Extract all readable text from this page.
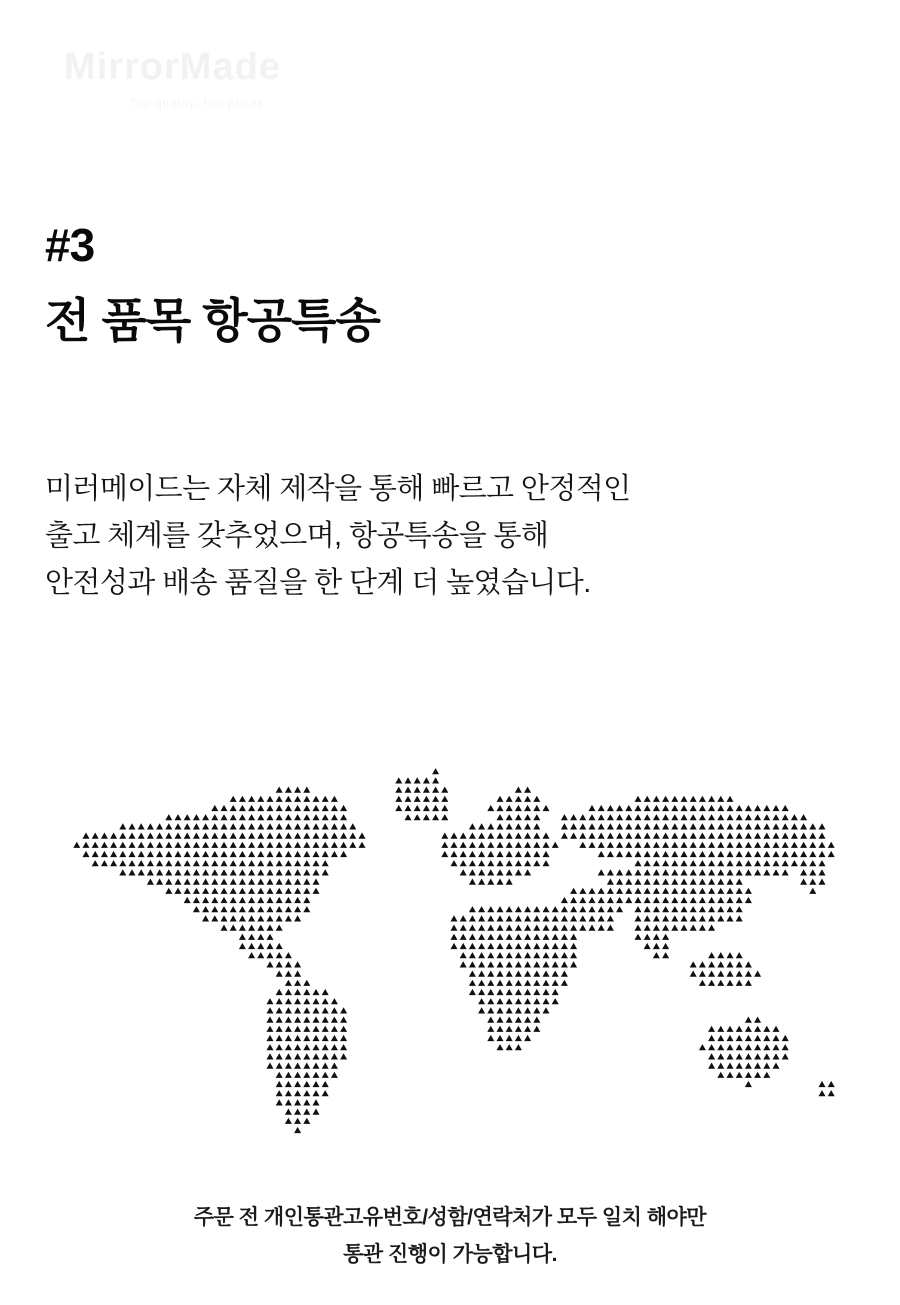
MirrorMade
Top quality, fair prices
#3
전 품목 항공특송
미러메이드는 자체 제작을 통해 빠르고 안정적인
출고 체계를 갖추었으며, 항공특송을 통해
안전성과 배송 품질을 한 단계 더 높였습니다.
주문 전 개인통관고유번호/성함/연락처가 모두 일치 해야만
통관 진행이 가능합니다.
